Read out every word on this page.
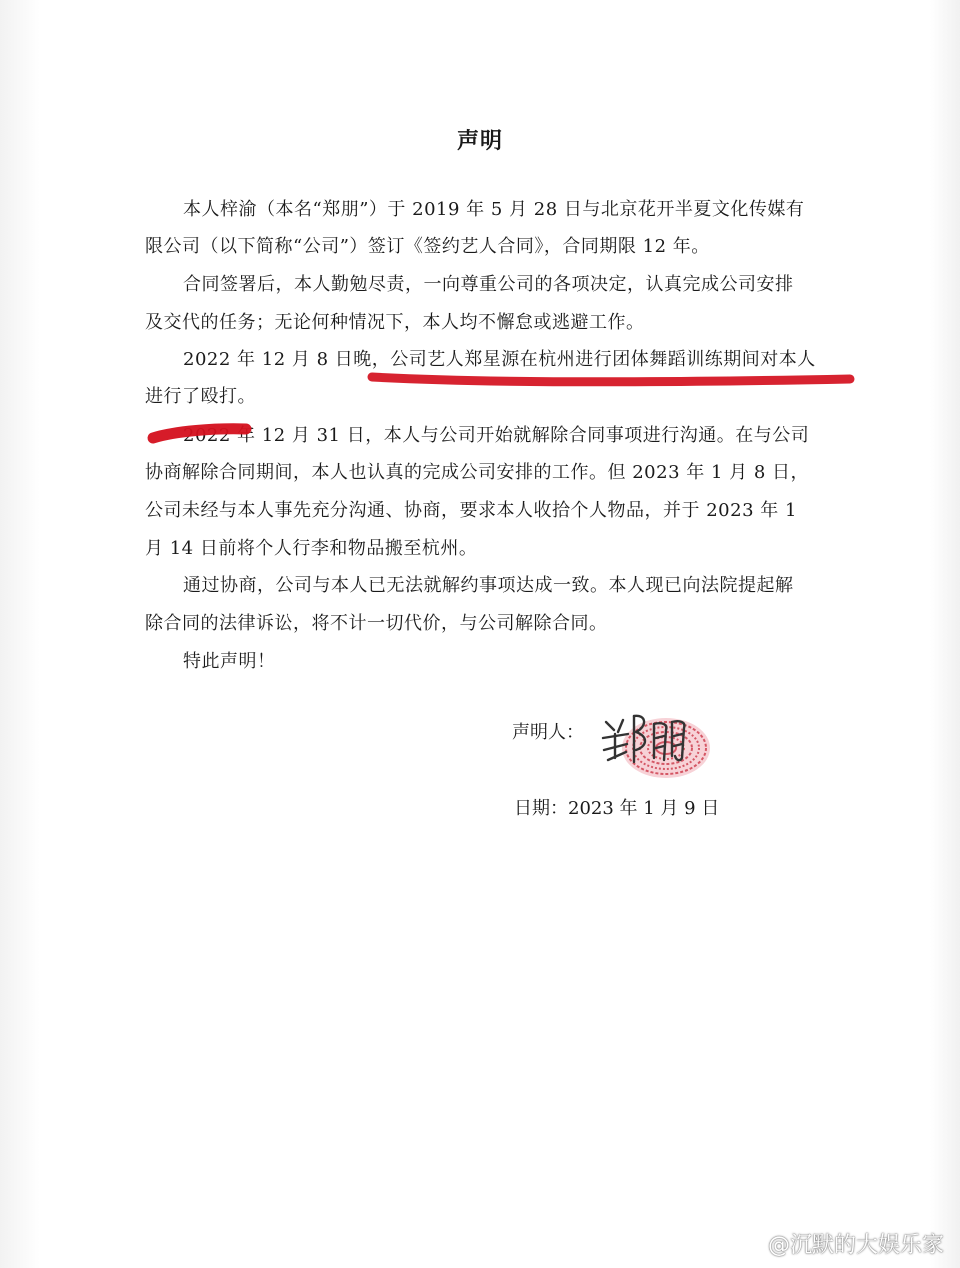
声明
本人梓渝（本名“郑朋”）于 2019 年 5 月 28 日与北京花开半夏文化传媒有
限公司（以下简称“公司”）签订《签约艺人合同》，合同期限 12 年。
合同签署后，本人勤勉尽责，一向尊重公司的各项决定，认真完成公司安排
及交代的任务；无论何种情况下，本人均不懈怠或逃避工作。
2022 年 12 月 8 日晚，公司艺人郑星源在杭州进行团体舞蹈训练期间对本人
进行了殴打。
2022 年 12 月 31 日，本人与公司开始就解除合同事项进行沟通。在与公司
协商解除合同期间，本人也认真的完成公司安排的工作。但 2023 年 1 月 8 日，
公司未经与本人事先充分沟通、协商，要求本人收拾个人物品，并于 2023 年 1
月 14 日前将个人行李和物品搬至杭州。
通过协商，公司与本人已无法就解约事项达成一致。本人现已向法院提起解
除合同的法律诉讼，将不计一切代价，与公司解除合同。
特此声明！
声明人：
日期：2023 年 1 月 9 日
@沉默的大娱乐家
